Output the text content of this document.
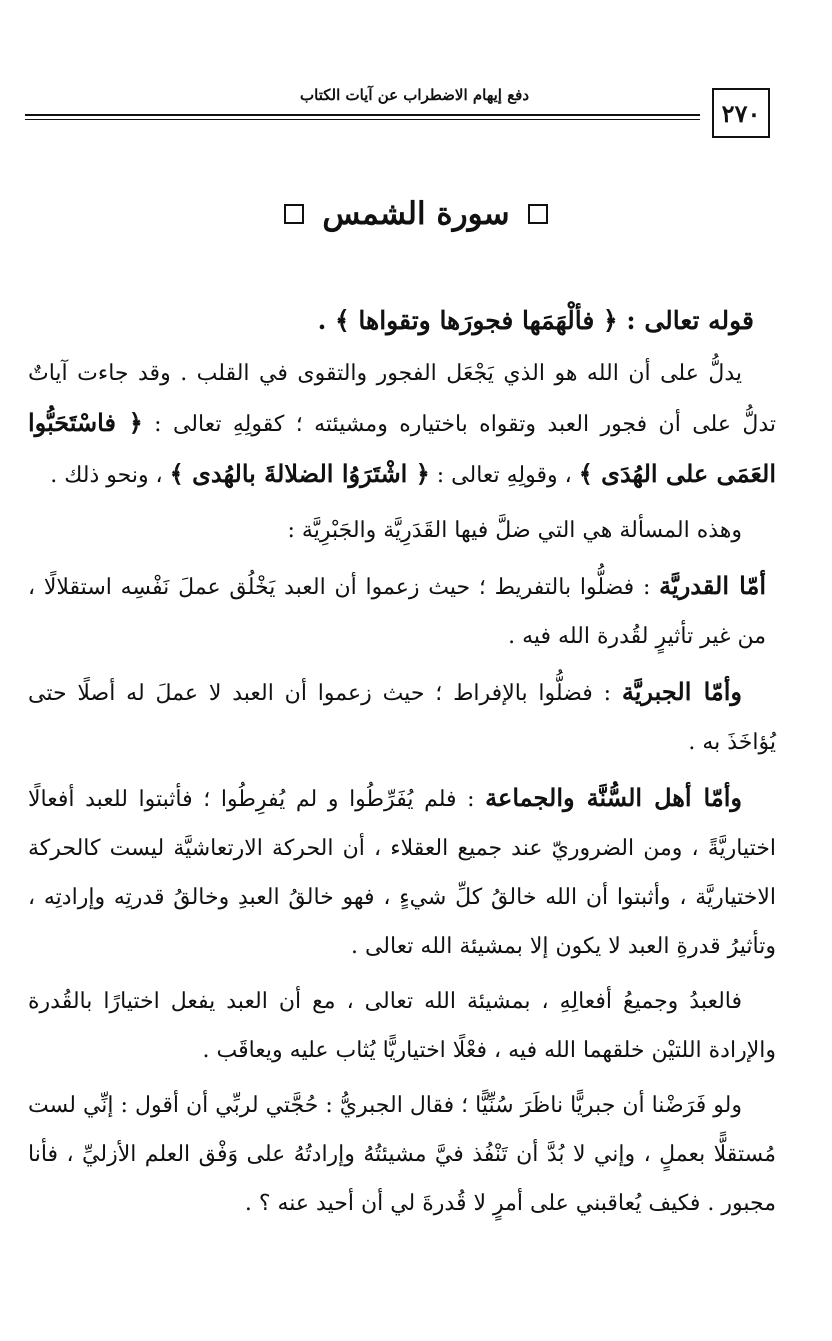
دفع إيهام الاضطراب عن آيات الكتاب
٢٧٠
سورة الشمس

قوله تعالى : ﴿ فألْهَمَها فجورَها وتقواها ﴾ .

يدلُّ على أن الله هو الذي يَجْعَل الفجور والتقوى في القلب . وقد جاءت آياتٌ تدلُّ على أن فجور العبد وتقواه باختياره ومشيئته ؛ كقولِهِ تعالى : ﴿ فاسْتَحَبُّوا العَمَى على الهُدَى ﴾ ، وقولِهِ تعالى : ﴿ اشْتَرَوُا الضلالةَ بالهُدى ﴾ ، ونحو ذلك .

وهذه المسألة هي التي ضلَّ فيها القَدَرِيَّة والجَبْرِيَّة :

أمّا القدريَّة : فضلُّوا بالتفريط ؛ حيث زعموا أن العبد يَخْلُق عملَ نَفْسِه استقلالًا ، من غير تأثيرٍ لقُدرة الله فيه .

وأمّا الجبريَّة : فضلُّوا بالإفراط ؛ حيث زعموا أن العبد لا عملَ له أصلًا حتى يُؤاخَذَ به .

وأمّا أهل السُّنَّة والجماعة : فلم يُفَرِّطُوا و لم يُفرِطُوا ؛ فأثبتوا للعبد أفعالًا اختياريَّةً ، ومن الضروريّ عند جميع العقلاء ، أن الحركة الارتعاشيَّة ليست كالحركة الاختياريَّة ، وأثبتوا أن الله خالقُ كلِّ شيءٍ ، فهو خالقُ العبدِ وخالقُ قدرتِه وإرادتِه ، وتأثيرُ قدرةِ العبد لا يكون إلا بمشيئة الله تعالى .

فالعبدُ وجميعُ أفعالِهِ ، بمشيئة الله تعالى ، مع أن العبد يفعل اختيارًا بالقُدرة والإرادة اللتيْن خلقهما الله فيه ، فعْلًا اختياريًّا يُثاب عليه ويعاقَب .

ولو فَرَضْنا أن جبريًّا ناظَرَ سُنِّيًّا ؛ فقال الجبريُّ : حُجَّتي لربِّي أن أقول : إنِّي لست مُستقلًّا بعملٍ ، وإني لا بُدَّ أن تَنْفُذ فيَّ مشيئتُهُ وإرادتُهُ على وَفْق العلم الأزليِّ ، فأنا مجبور . فكيف يُعاقبني على أمرٍ لا قُدرةَ لي أن أحيد عنه ؟ .
